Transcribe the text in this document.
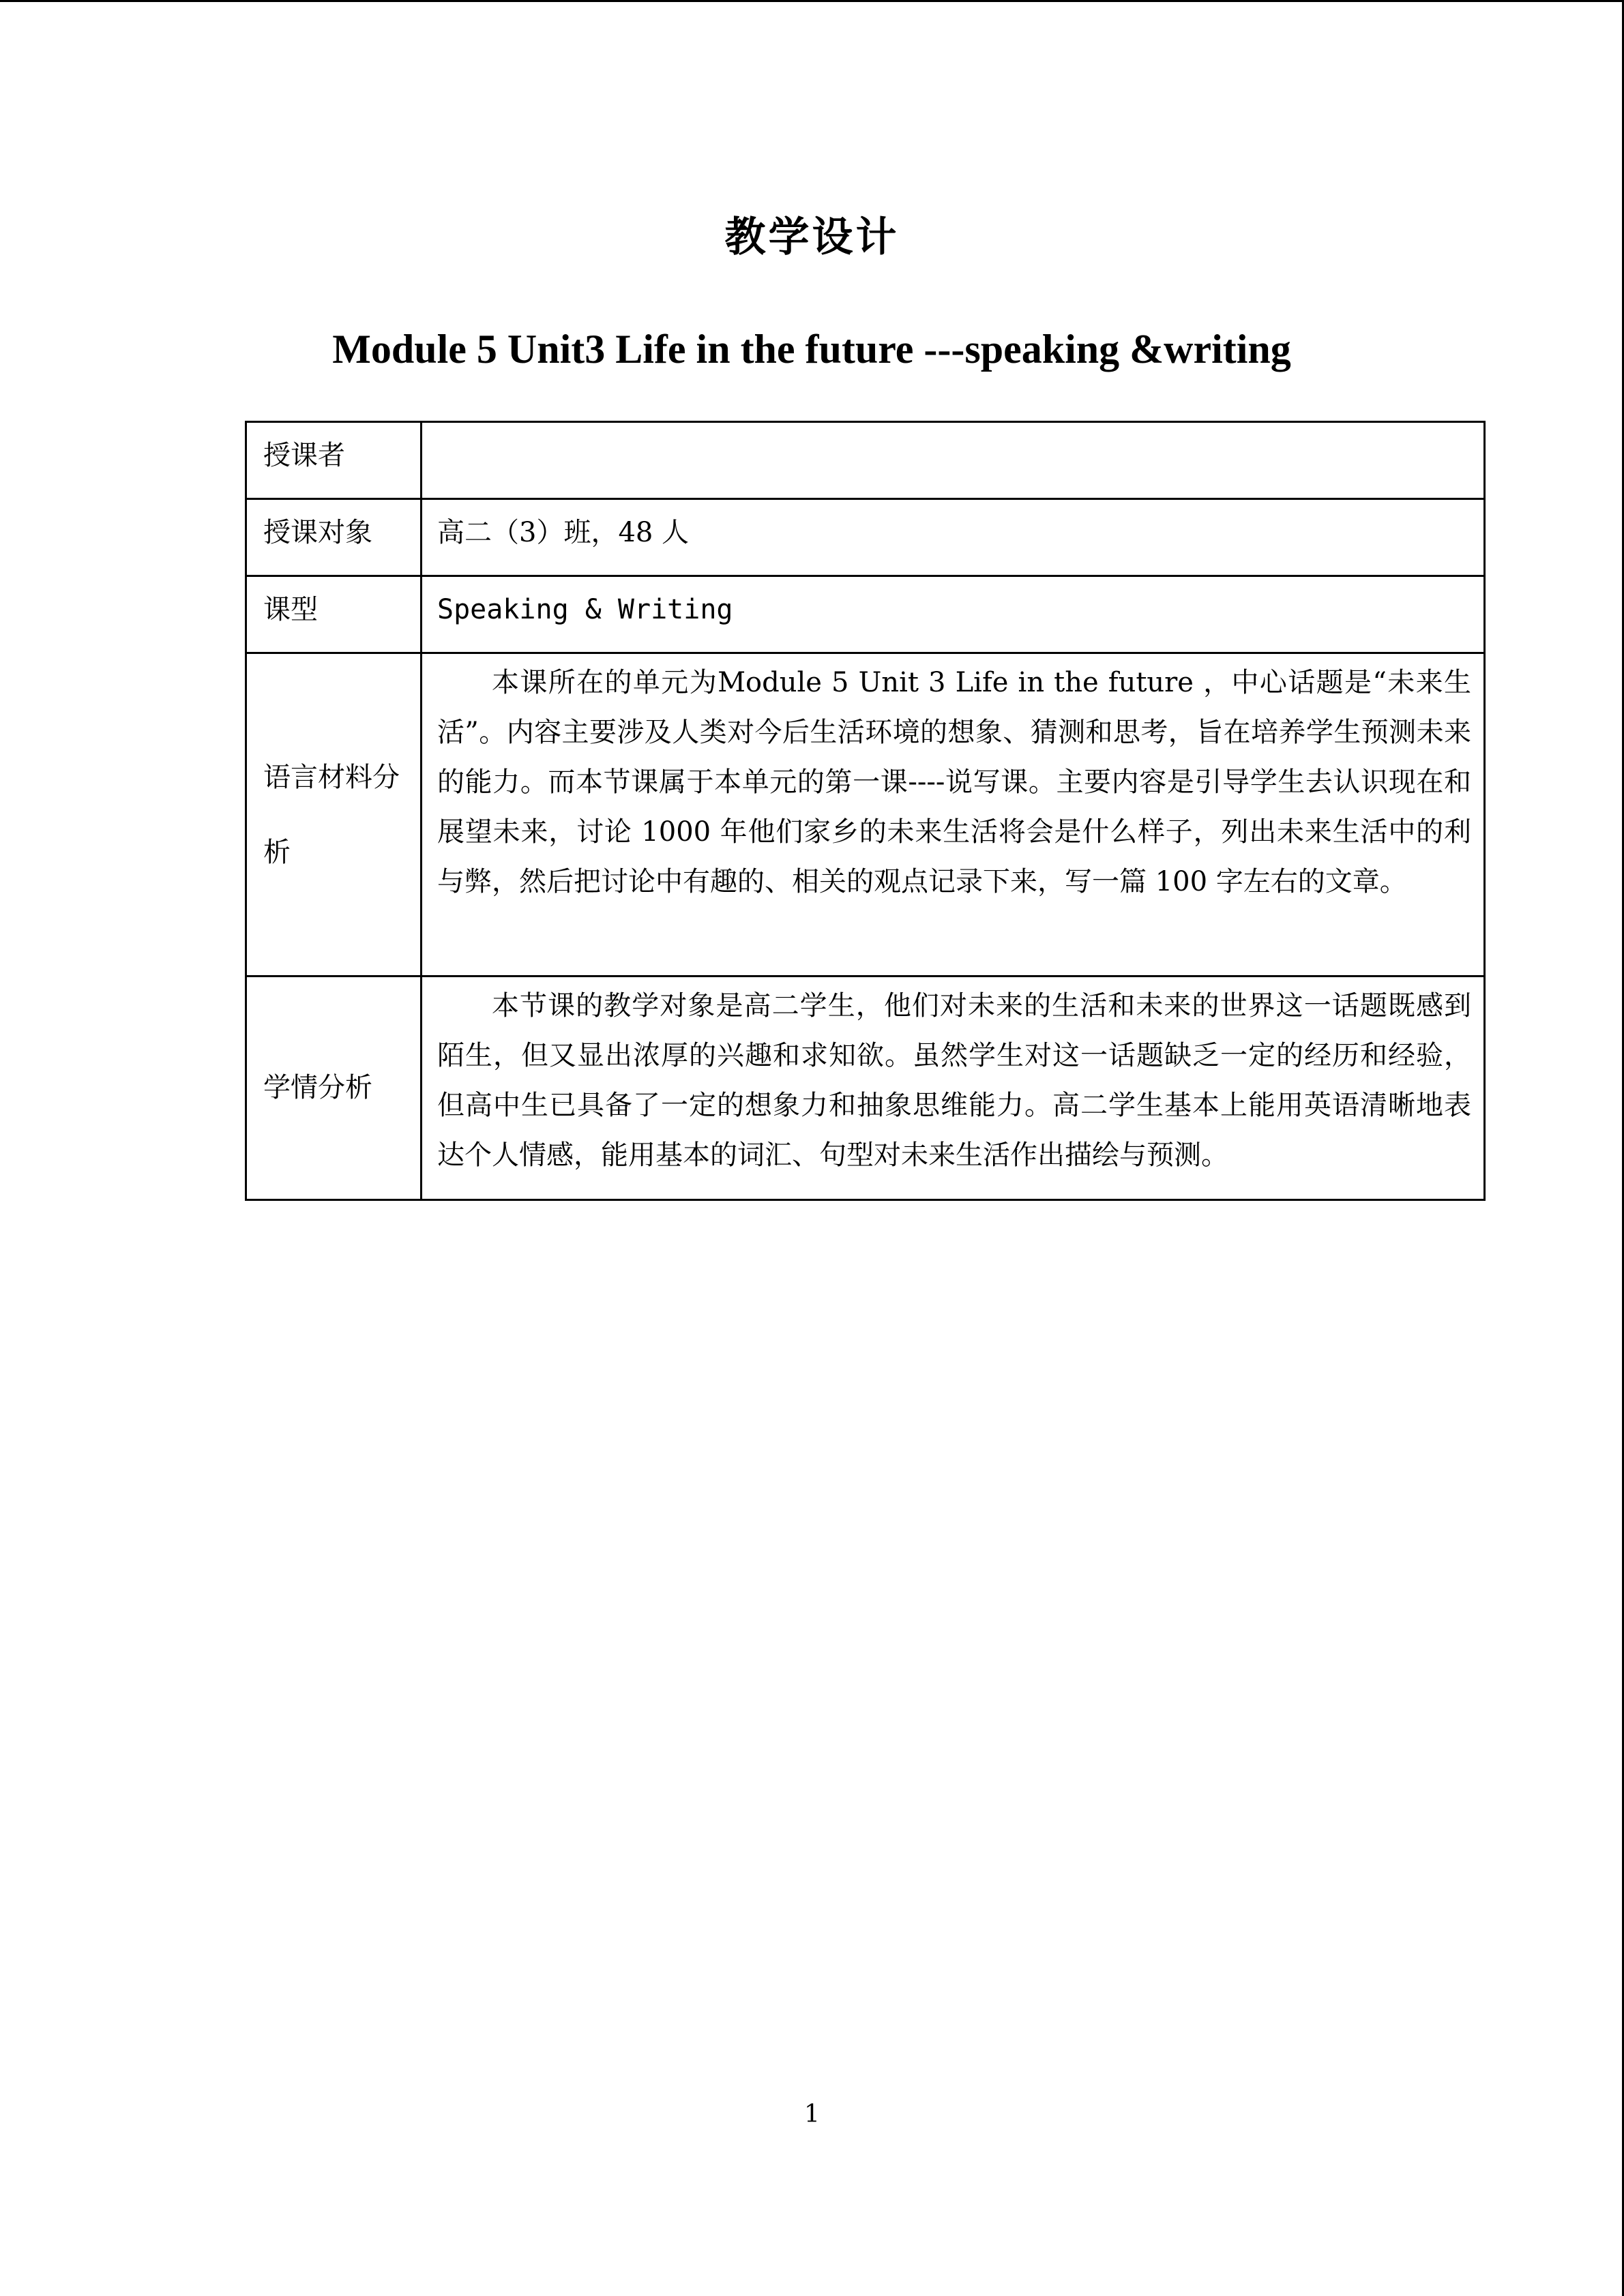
教学设计
Module 5 Unit3 Life in the future ---speaking &writing
授课者	
授课对象	高二（3）班，48 人
课型	Speaking & Writing
语言材料分析	本课所在的单元为Module 5 Unit 3 Life in the future ，中心话题是“未来生活”。内容主要涉及人类对今后生活环境的想象、猜测和思考，旨在培养学生预测未来的能力。而本节课属于本单元的第一课----说写课。主要内容是引导学生去认识现在和展望未来，讨论 1000 年他们家乡的未来生活将会是什么样子，列出未来生活中的利与弊，然后把讨论中有趣的、相关的观点记录下来，写一篇 100 字左右的文章。

学情分析	本节课的教学对象是高二学生，他们对未来的生活和未来的世界这一话题既感到陌生，但又显出浓厚的兴趣和求知欲。虽然学生对这一话题缺乏一定的经历和经验，但高中生已具备了一定的想象力和抽象思维能力。高二学生基本上能用英语清晰地表达个人情感，能用基本的词汇、句型对未来生活作出描绘与预测。

1
